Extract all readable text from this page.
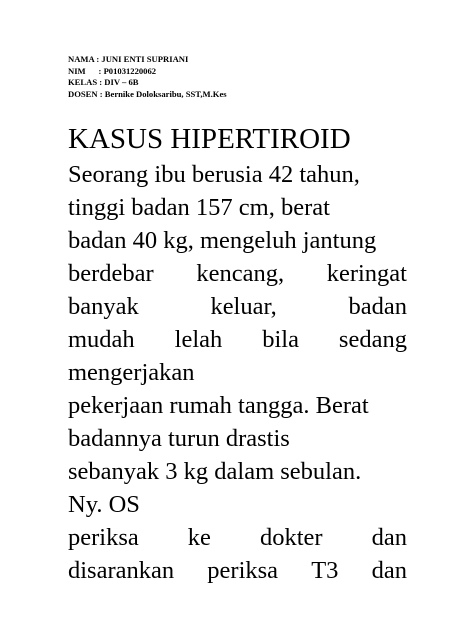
NAMA : JUNI ENTI SUPRIANI
NIM      : P01031220062
KELAS : DIV – 6B
DOSEN : Bernike Doloksaribu, SST,M.Kes
KASUS HIPERTIROID
Seorang ibu berusia 42 tahun,
tinggi badan 157 cm, berat
badan 40 kg, mengeluh jantung
berdebar kencang, keringat
banyak	keluar,	badan
mudah lelah bila sedang
mengerjakan
pekerjaan rumah tangga. Berat
badannya turun drastis
sebanyak 3 kg dalam sebulan.
Ny. OS
periksa ke dokter dan
disarankan periksa T3 dan
